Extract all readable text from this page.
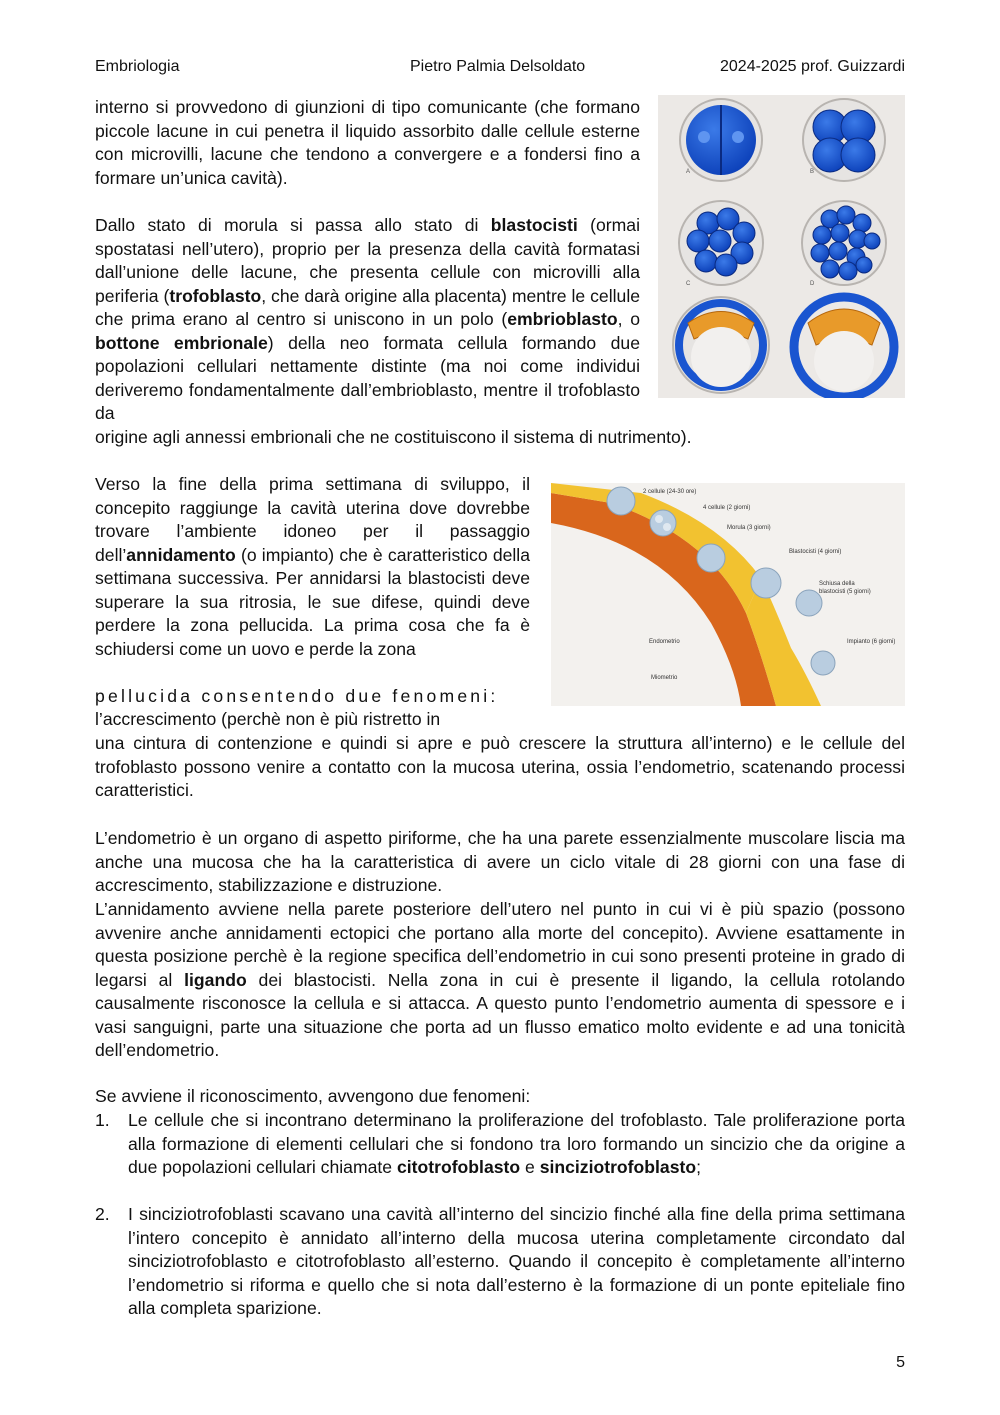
Embriologia	Pietro Palmia Delsoldato	2024-2025 prof. Guizzardi

interno si provvedono di giunzioni di tipo comunicante (che formano piccole lacune in cui penetra il liquido assorbito dalle cellule esterne con microvilli, lacune che tendono a convergere e a fondersi fino a formare un’unica cavità).

Dallo stato di morula si passa allo stato di blastocisti (ormai spostatasi nell’utero), proprio per la presenza della cavità formatasi dall’unione delle lacune, che presenta cellule con microvilli alla periferia (trofoblasto, che darà origine alla placenta) mentre le cellule che prima erano al centro si uniscono in un polo (embrioblasto, o bottone embrionale) della neo formata cellula formando due popolazioni cellulari nettamente distinte (ma noi come individui deriveremo fondamentalmente dall’embrioblasto, mentre il trofoblasto da

origine agli annessi embrionali che ne costituiscono il sistema di nutrimento).

A	B
C	D

Verso la fine della prima settimana di sviluppo, il concepito raggiunge la cavità uterina dove dovrebbe trovare l’ambiente idoneo per il passaggio dell’annidamento (o impianto) che è caratteristico della settimana successiva. Per annidarsi la blastocisti deve superare la sua ritrosia, le sue difese, quindi deve perdere la zona pellucida. La prima cosa che fa è schiudersi come un uovo e perde la zona

pellucida consentendo due fenomeni:

l’accrescimento (perchè non è più ristretto in

una cintura di contenzione e quindi si apre e può crescere la struttura all’interno) e le cellule del trofoblasto possono venire a contatto con la mucosa uterina, ossia l’endometrio, scatenando processi caratteristici.

2 cellule (24-30 ore)
4 cellule (2 giorni)
Morula (3 giorni)
Blastocisti (4 giorni)
Schiusa della
blastocisti (5 giorni)
Impianto (6 giorni)
Endometrio
Miometrio

L’endometrio è un organo di aspetto piriforme, che ha una parete essenzialmente muscolare liscia ma anche una mucosa che ha la caratteristica di avere un ciclo vitale di 28 giorni con una fase di accrescimento, stabilizzazione e distruzione.

L’annidamento avviene nella parete posteriore dell’utero nel punto in cui vi è più spazio (possono avvenire anche annidamenti ectopici che portano alla morte del concepito). Avviene esattamente in questa posizione perchè è la regione specifica dell’endometrio in cui sono presenti proteine in grado di legarsi al ligando dei blastocisti. Nella zona in cui è presente il ligando, la cellula rotolando causalmente risconosce la cellula e si attacca. A questo punto l’endometrio aumenta di spessore e i vasi sanguigni, parte una situazione che porta ad un flusso ematico molto evidente e ad una tonicità dell’endometrio.

Se avviene il riconoscimento, avvengono due fenomeni:

1.	Le cellule che si incontrano determinano la proliferazione del trofoblasto. Tale proliferazione porta alla formazione di elementi cellulari che si fondono tra loro formando un sincizio che da origine a due popolazioni cellulari chiamate citotrofoblasto e sinciziotrofoblasto;
2.	I sinciziotrofoblasti scavano una cavità all’interno del sincizio finché alla fine della prima settimana l’intero concepito è annidato all’interno della mucosa uterina completamente circondato dal sinciziotrofoblasto e citotrofoblasto all’esterno. Quando il concepito è completamente all’interno l’endometrio si riforma e quello che si nota dall’esterno è la formazione di un ponte epiteliale fino alla completa sparizione.
5
